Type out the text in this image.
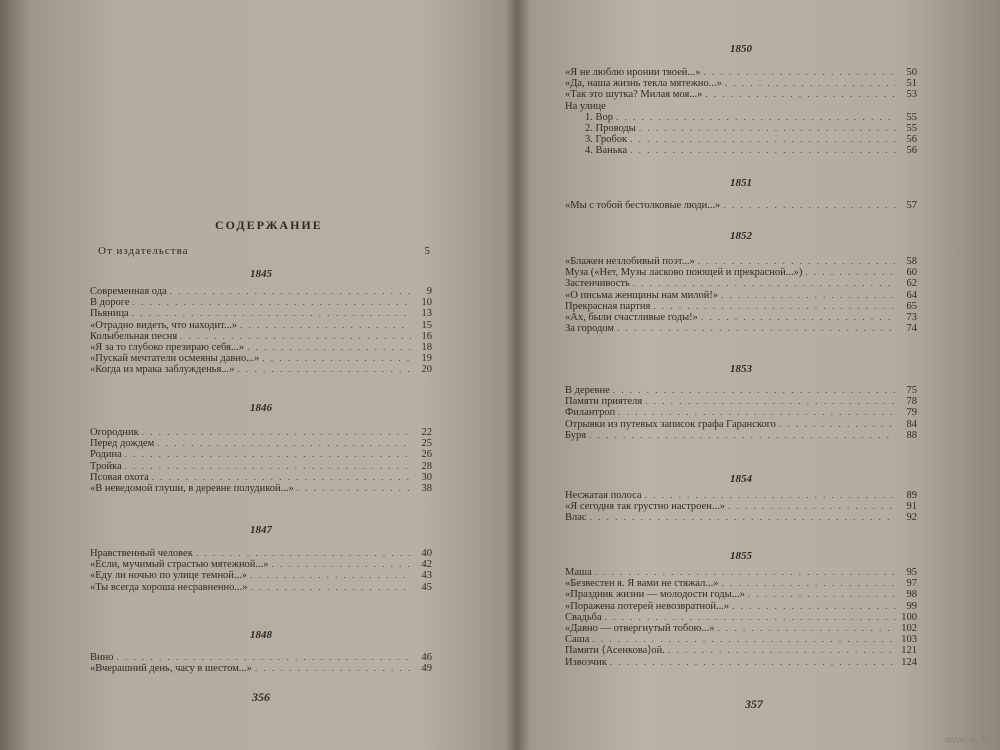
СОДЕРЖАНИЕ
От издательства	5
1845
Современная ода . . .	9
В дороге . . .	10
Пьяница . . .	13
«Отрадно видеть, что находит...» . . .	15
Колыбельная песня . . .	16
«Я за то глубоко презираю себя...» . . .	18
«Пускай мечтатели осмеяны давно...» . . .	19
«Когда из мрака заблужденья...» . . .	20
1846
Огородник . . .	22
Перед дождем . . .	25
Родина . . .	26
Тройка . . .	28
Псовая охота . . .	30
«В неведомой глуши, в деревне полудикой...» . . .	38
1847
Нравственный человек . . .	40
«Если, мучимый страстью мятежной...» . . .	42
«Еду ли ночью по улице темной...» . . .	43
«Ты всегда хороша несравненно...» . . .	45
1848
Вино . . .	46
«Вчерашний день, часу в шестом...» . . .	49
356
1850
«Я не люблю иронии твоей...» . . .	50
«Да, наша жизнь текла мятежно...» . . .	51
«Так это шутка? Милая моя...» . . .	53
На улице
1. Вор . . .	55
2. Проводы . . .	55
3. Гробок . . .	56
4. Ванька . . .	56
1851
«Мы с тобой бестолковые люди...» . . .	57
1852
«Блажен незлобивый поэт...» . . .	58
Муза («Нет, Музы ласково поющей и прекрасной...») . . .	60
Застенчивость . . .	62
«О письма женщины нам милой!» . . .	64
Прекрасная партия . . .	65
«Ах, были счастливые годы!» . . .	73
За городом . . .	74
1853
В деревне . . .	75
Памяти приятеля . . .	78
Филантроп . . .	79
Отрывки из путевых записок графа Гаранского . . .	84
Буря . . .	88
1854
Несжатая полоса . . .	89
«Я сегодня так грустно настроен...» . . .	91
Влас . . .	92
1855
Маша . . .	95
«Безвестен я. Я вами не стяжал...» . . .	97
«Праздник жизни — молодости годы...» . . .	98
«Поражена потерей невозвратной...» . . .	99
Свадьба . . .	100
«Давно — отвергнутый тобою...» . . .	102
Саша . . .	103
Памяти ⟨Асенкова⟩ой. . . .	121
Извозчик . . .	124
357
www.ay.by
